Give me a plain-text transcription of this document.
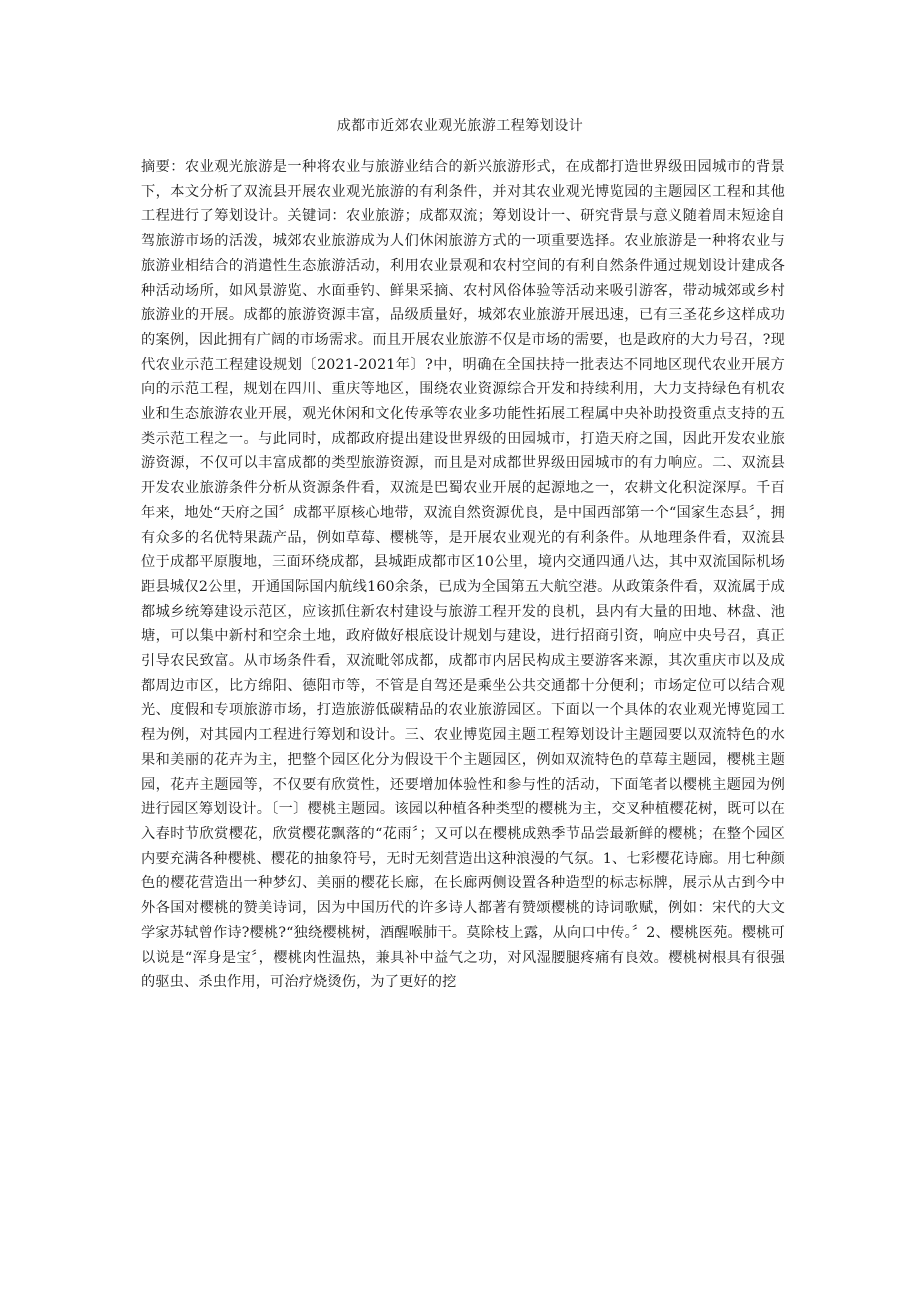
成都市近郊农业观光旅游工程筹划设计

摘要：农业观光旅游是一种将农业与旅游业结合的新兴旅游形式，在成都打造世界级田园城市的背景下，本文分析了双流县开展农业观光旅游的有利条件，并对其农业观光博览园的主题园区工程和其他工程进行了筹划设计。关键词：农业旅游；成都双流；筹划设计一、研究背景与意义随着周末短途自驾旅游市场的活泼，城郊农业旅游成为人们休闲旅游方式的一项重要选择。农业旅游是一种将农业与旅游业相结合的消遣性生态旅游活动，利用农业景观和农村空间的有利自然条件通过规划设计建成各种活动场所，如风景游览、水面垂钓、鲜果采摘、农村风俗体验等活动来吸引游客，带动城郊或乡村旅游业的开展。成都的旅游资源丰富，品级质量好，城郊农业旅游开展迅速，已有三圣花乡这样成功的案例，因此拥有广阔的市场需求。而且开展农业旅游不仅是市场的需要，也是政府的大力号召，?现代农业示范工程建设规划〔2021-2021年〕?中，明确在全国扶持一批表达不同地区现代农业开展方向的示范工程，规划在四川、重庆等地区，围绕农业资源综合开发和持续利用，大力支持绿色有机农业和生态旅游农业开展，观光休闲和文化传承等农业多功能性拓展工程属中央补助投资重点支持的五类示范工程之一。与此同时，成都政府提出建设世界级的田园城市，打造天府之国，因此开发农业旅游资源，不仅可以丰富成都的类型旅游资源，而且是对成都世界级田园城市的有力响应。二、双流县开发农业旅游条件分析从资源条件看，双流是巴蜀农业开展的起源地之一，农耕文化积淀深厚。千百年来，地处“天府之国〞成都平原核心地带，双流自然资源优良，是中国西部第一个“国家生态县〞，拥有众多的名优特果蔬产品，例如草莓、樱桃等，是开展农业观光的有利条件。从地理条件看，双流县位于成都平原腹地，三面环绕成都，县城距成都市区10公里，境内交通四通八达，其中双流国际机场距县城仅2公里，开通国际国内航线160余条，已成为全国第五大航空港。从政策条件看，双流属于成都城乡统筹建设示范区，应该抓住新农村建设与旅游工程开发的良机，县内有大量的田地、林盘、池塘，可以集中新村和空余土地，政府做好根底设计规划与建设，进行招商引资，响应中央号召，真正引导农民致富。从市场条件看，双流毗邻成都，成都市内居民构成主要游客来源，其次重庆市以及成都周边市区，比方绵阳、德阳市等，不管是自驾还是乘坐公共交通都十分便利；市场定位可以结合观光、度假和专项旅游市场，打造旅游低碳精品的农业旅游园区。下面以一个具体的农业观光博览园工程为例，对其园内工程进行筹划和设计。三、农业博览园主题工程筹划设计主题园要以双流特色的水果和美丽的花卉为主，把整个园区化分为假设干个主题园区，例如双流特色的草莓主题园，樱桃主题园，花卉主题园等，不仅要有欣赏性，还要增加体验性和参与性的活动，下面笔者以樱桃主题园为例进行园区筹划设计。〔一〕樱桃主题园。该园以种植各种类型的樱桃为主，交叉种植樱花树，既可以在入春时节欣赏樱花，欣赏樱花飘落的“花雨〞；又可以在樱桃成熟季节品尝最新鲜的樱桃；在整个园区内要充满各种樱桃、樱花的抽象符号，无时无刻营造出这种浪漫的气氛。1、七彩樱花诗廊。用七种颜色的樱花营造出一种梦幻、美丽的樱花长廊，在长廊两侧设置各种造型的标志标牌，展示从古到今中外各国对樱桃的赞美诗词，因为中国历代的许多诗人都著有赞颂樱桃的诗词歌赋，例如：宋代的大文学家苏轼曾作诗?樱桃?“独绕樱桃树，酒醒喉肺干。莫除枝上露，从向口中传。〞2、樱桃医苑。樱桃可以说是“浑身是宝〞，樱桃肉性温热，兼具补中益气之功，对风湿腰腿疼痛有良效。樱桃树根具有很强的驱虫、杀虫作用，可治疗烧烫伤，为了更好的挖
